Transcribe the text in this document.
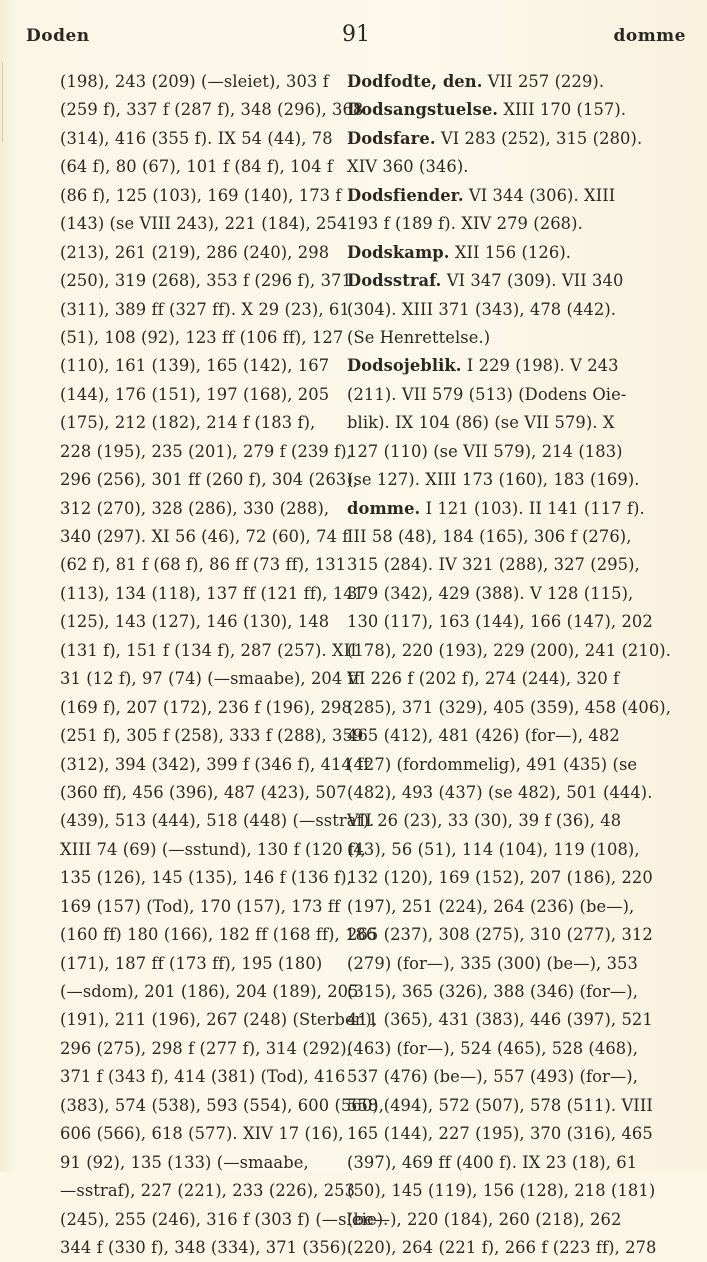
Doden	91	domme
(198), 243 (209) (—sleiet), 303 f
(259 f), 337 f (287 f), 348 (296), 368
(314), 416 (355 f). IX 54 (44), 78
(64 f), 80 (67), 101 f (84 f), 104 f
(86 f), 125 (103), 169 (140), 173 f
(143) (se VIII 243), 221 (184), 254
(213), 261 (219), 286 (240), 298
(250), 319 (268), 353 f (296 f), 371
(311), 389 ff (327 ff). X 29 (23), 61
(51), 108 (92), 123 ff (106 ff), 127
(110), 161 (139), 165 (142), 167
(144), 176 (151), 197 (168), 205
(175), 212 (182), 214 f (183 f),
228 (195), 235 (201), 279 f (239 f),
296 (256), 301 ff (260 f), 304 (263),
312 (270), 328 (286), 330 (288),
340 (297). XI 56 (46), 72 (60), 74 f
(62 f), 81 f (68 f), 86 ff (73 ff), 131
(113), 134 (118), 137 ff (121 ff), 141
(125), 143 (127), 146 (130), 148
(131 f), 151 f (134 f), 287 (257). XII
31 (12 f), 97 (74) (—smaabe), 204 ff
(169 f), 207 (172), 236 f (196), 298
(251 f), 305 f (258), 333 f (288), 359
(312), 394 (342), 399 f (346 f), 414 ff
(360 ff), 456 (396), 487 (423), 507
(439), 513 (444), 518 (448) (—sstraf).
XIII 74 (69) (—sstund), 130 f (120 f),
135 (126), 145 (135), 146 f (136 f),
169 (157) (Tod), 170 (157), 173 ff
(160 ff) 180 (166), 182 ff (168 ff), 186
(171), 187 ff (173 ff), 195 (180)
(—sdom), 201 (186), 204 (189), 205
(191), 211 (196), 267 (248) (Sterben),
296 (275), 298 f (277 f), 314 (292),
371 f (343 f), 414 (381) (Tod), 416
(383), 574 (538), 593 (554), 600 (560),
606 (566), 618 (577). XIV 17 (16),
91 (92), 135 (133) (—smaabe,
—sstraf), 227 (221), 233 (226), 253
(245), 255 (246), 316 f (303 f) (—sleie).
344 f (330 f), 348 (334), 371 (356).
Dodfodte, den. VII 257 (229).
Dodsangstuelse. XIII 170 (157).
Dodsfare. VI 283 (252), 315 (280).
XIV 360 (346).
Dodsfiender. VI 344 (306). XIII
193 f (189 f). XIV 279 (268).
Dodskamp. XII 156 (126).
Dodsstraf. VI 347 (309). VII 340
(304). XIII 371 (343), 478 (442).
(Se Henrettelse.)
Dodsojeblik. I 229 (198). V 243
(211). VII 579 (513) (Dodens Oie-
blik). IX 104 (86) (se VII 579). X
127 (110) (se VII 579), 214 (183)
(se 127). XIII 173 (160), 183 (169).
domme. I 121 (103). II 141 (117 f).
III 58 (48), 184 (165), 306 f (276),
315 (284). IV 321 (288), 327 (295),
379 (342), 429 (388). V 128 (115),
130 (117), 163 (144), 166 (147), 202
(178), 220 (193), 229 (200), 241 (210).
VI 226 f (202 f), 274 (244), 320 f
(285), 371 (329), 405 (359), 458 (406),
465 (412), 481 (426) (for—), 482
(427) (fordommelig), 491 (435) (se
(482), 493 (437) (se 482), 501 (444).
VII 26 (23), 33 (30), 39 f (36), 48
(43), 56 (51), 114 (104), 119 (108),
132 (120), 169 (152), 207 (186), 220
(197), 251 (224), 264 (236) (be—),
265 (237), 308 (275), 310 (277), 312
(279) (for—), 335 (300) (be—), 353
(315), 365 (326), 388 (346) (for—),
411 (365), 431 (383), 446 (397), 521
(463) (for—), 524 (465), 528 (468),
537 (476) (be—), 557 (493) (for—),
558 (494), 572 (507), 578 (511). VIII
165 (144), 227 (195), 370 (316), 465
(397), 469 ff (400 f). IX 23 (18), 61
(50), 145 (119), 156 (128), 218 (181)
(be—), 220 (184), 260 (218), 262
(220), 264 (221 f), 266 f (223 ff), 278
